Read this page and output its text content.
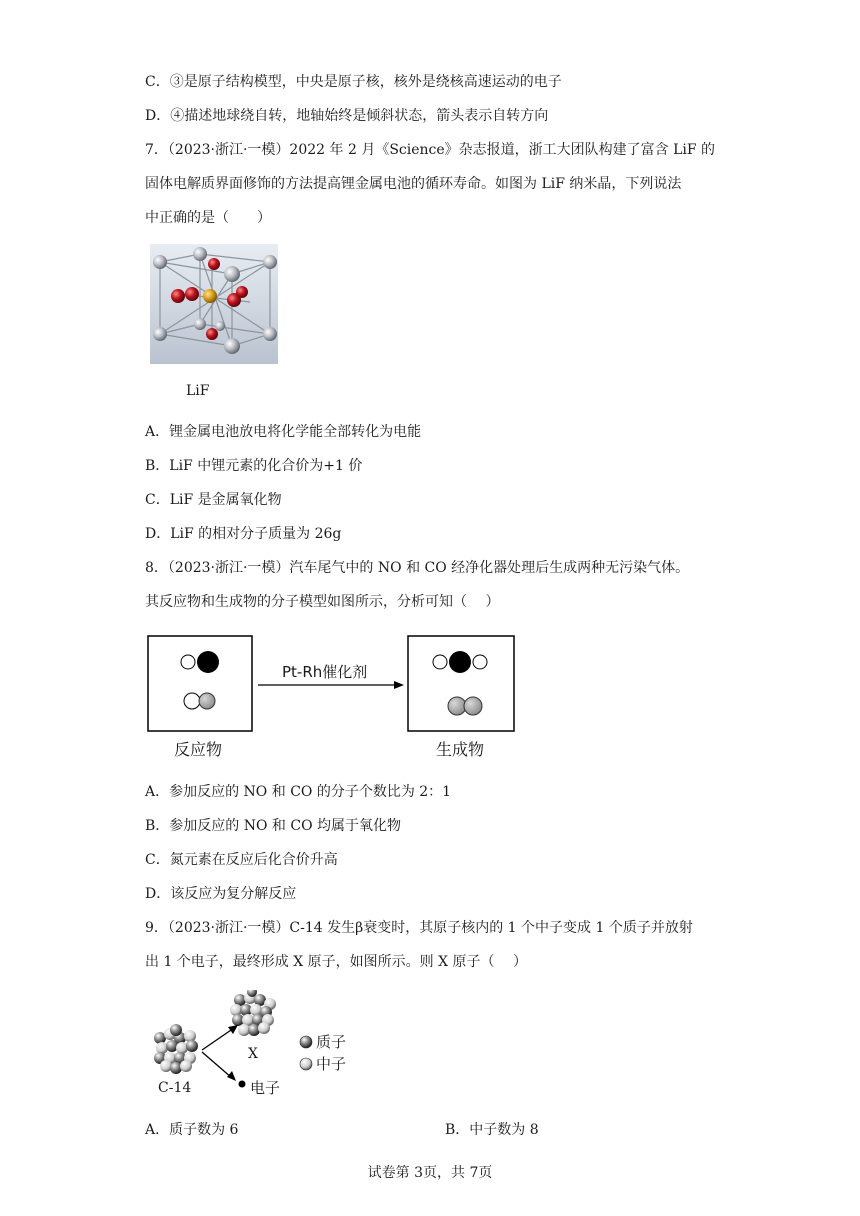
C．③是原子结构模型，中央是原子核，核外是绕核高速运动的电子
D．④描述地球绕自转，地轴始终是倾斜状态，箭头表示自转方向
7．（2023·浙江·一模）2022 年 2 月《Science》杂志报道，浙工大团队构建了富含 LiF 的
固体电解质界面修饰的方法提高锂金属电池的循环寿命。如图为 LiF 纳米晶，下列说法
中正确的是（　　）
LiF
A．锂金属电池放电将化学能全部转化为电能
B．LiF 中锂元素的化合价为+1 价
C．LiF 是金属氧化物
D．LiF 的相对分子质量为 26g
8．（2023·浙江·一模）汽车尾气中的 NO 和 CO 经净化器处理后生成两种无污染气体。
其反应物和生成物的分子模型如图所示，分析可知（　 ）
Pt-Rh催化剂
反应物	生成物
A．参加反应的 NO 和 CO 的分子个数比为 2：1
B．参加反应的 NO 和 CO 均属于氧化物
C．氮元素在反应后化合价升高
D．该反应为复分解反应
9．（2023·浙江·一模）C-14 发生β衰变时，其原子核内的 1 个中子变成 1 个质子并放射
出 1 个电子，最终形成 X 原子，如图所示。则 X 原子（　 ）
X
质子
中子
C-14	电子
A．质子数为 6	B．中子数为 8
试卷第 3页，共 7页
